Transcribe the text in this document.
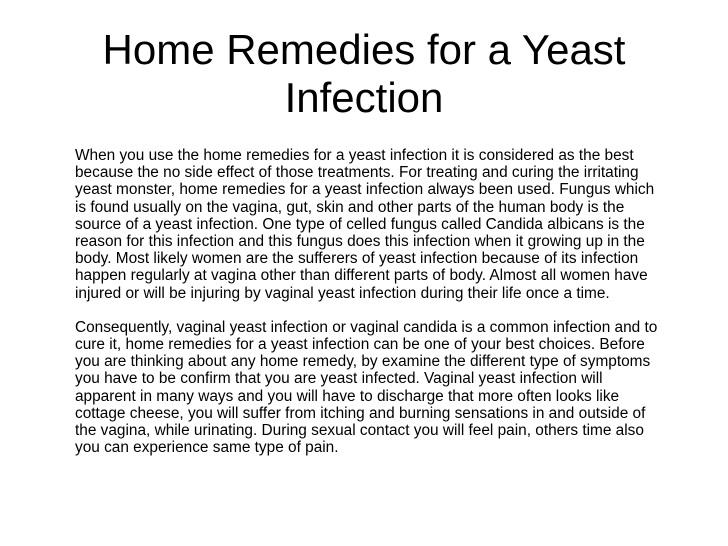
Home Remedies for a Yeast Infection

When you use the home remedies for a yeast infection it is considered as the best because the no side effect of those treatments. For treating and curing the irritating yeast monster, home remedies for a yeast infection always been used. Fungus which is found usually on the vagina, gut, skin and other parts of the human body is the source of a yeast infection. One type of celled fungus called Candida albicans is the reason for this infection and this fungus does this infection when it growing up in the body. Most likely women are the sufferers of yeast infection because of its infection happen regularly at vagina other than different parts of body. Almost all women have injured or will be injuring by vaginal yeast infection during their life once a time.

Consequently, vaginal yeast infection or vaginal candida is a common infection and to cure it, home remedies for a yeast infection can be one of your best choices. Before you are thinking about any home remedy, by examine the different type of symptoms you have to be confirm that you are yeast infected. Vaginal yeast infection will apparent in many ways and you will have to discharge that more often looks like cottage cheese, you will suffer from itching and burning sensations in and outside of the vagina, while urinating. During sexual contact you will feel pain, others time also you can experience same type of pain.
